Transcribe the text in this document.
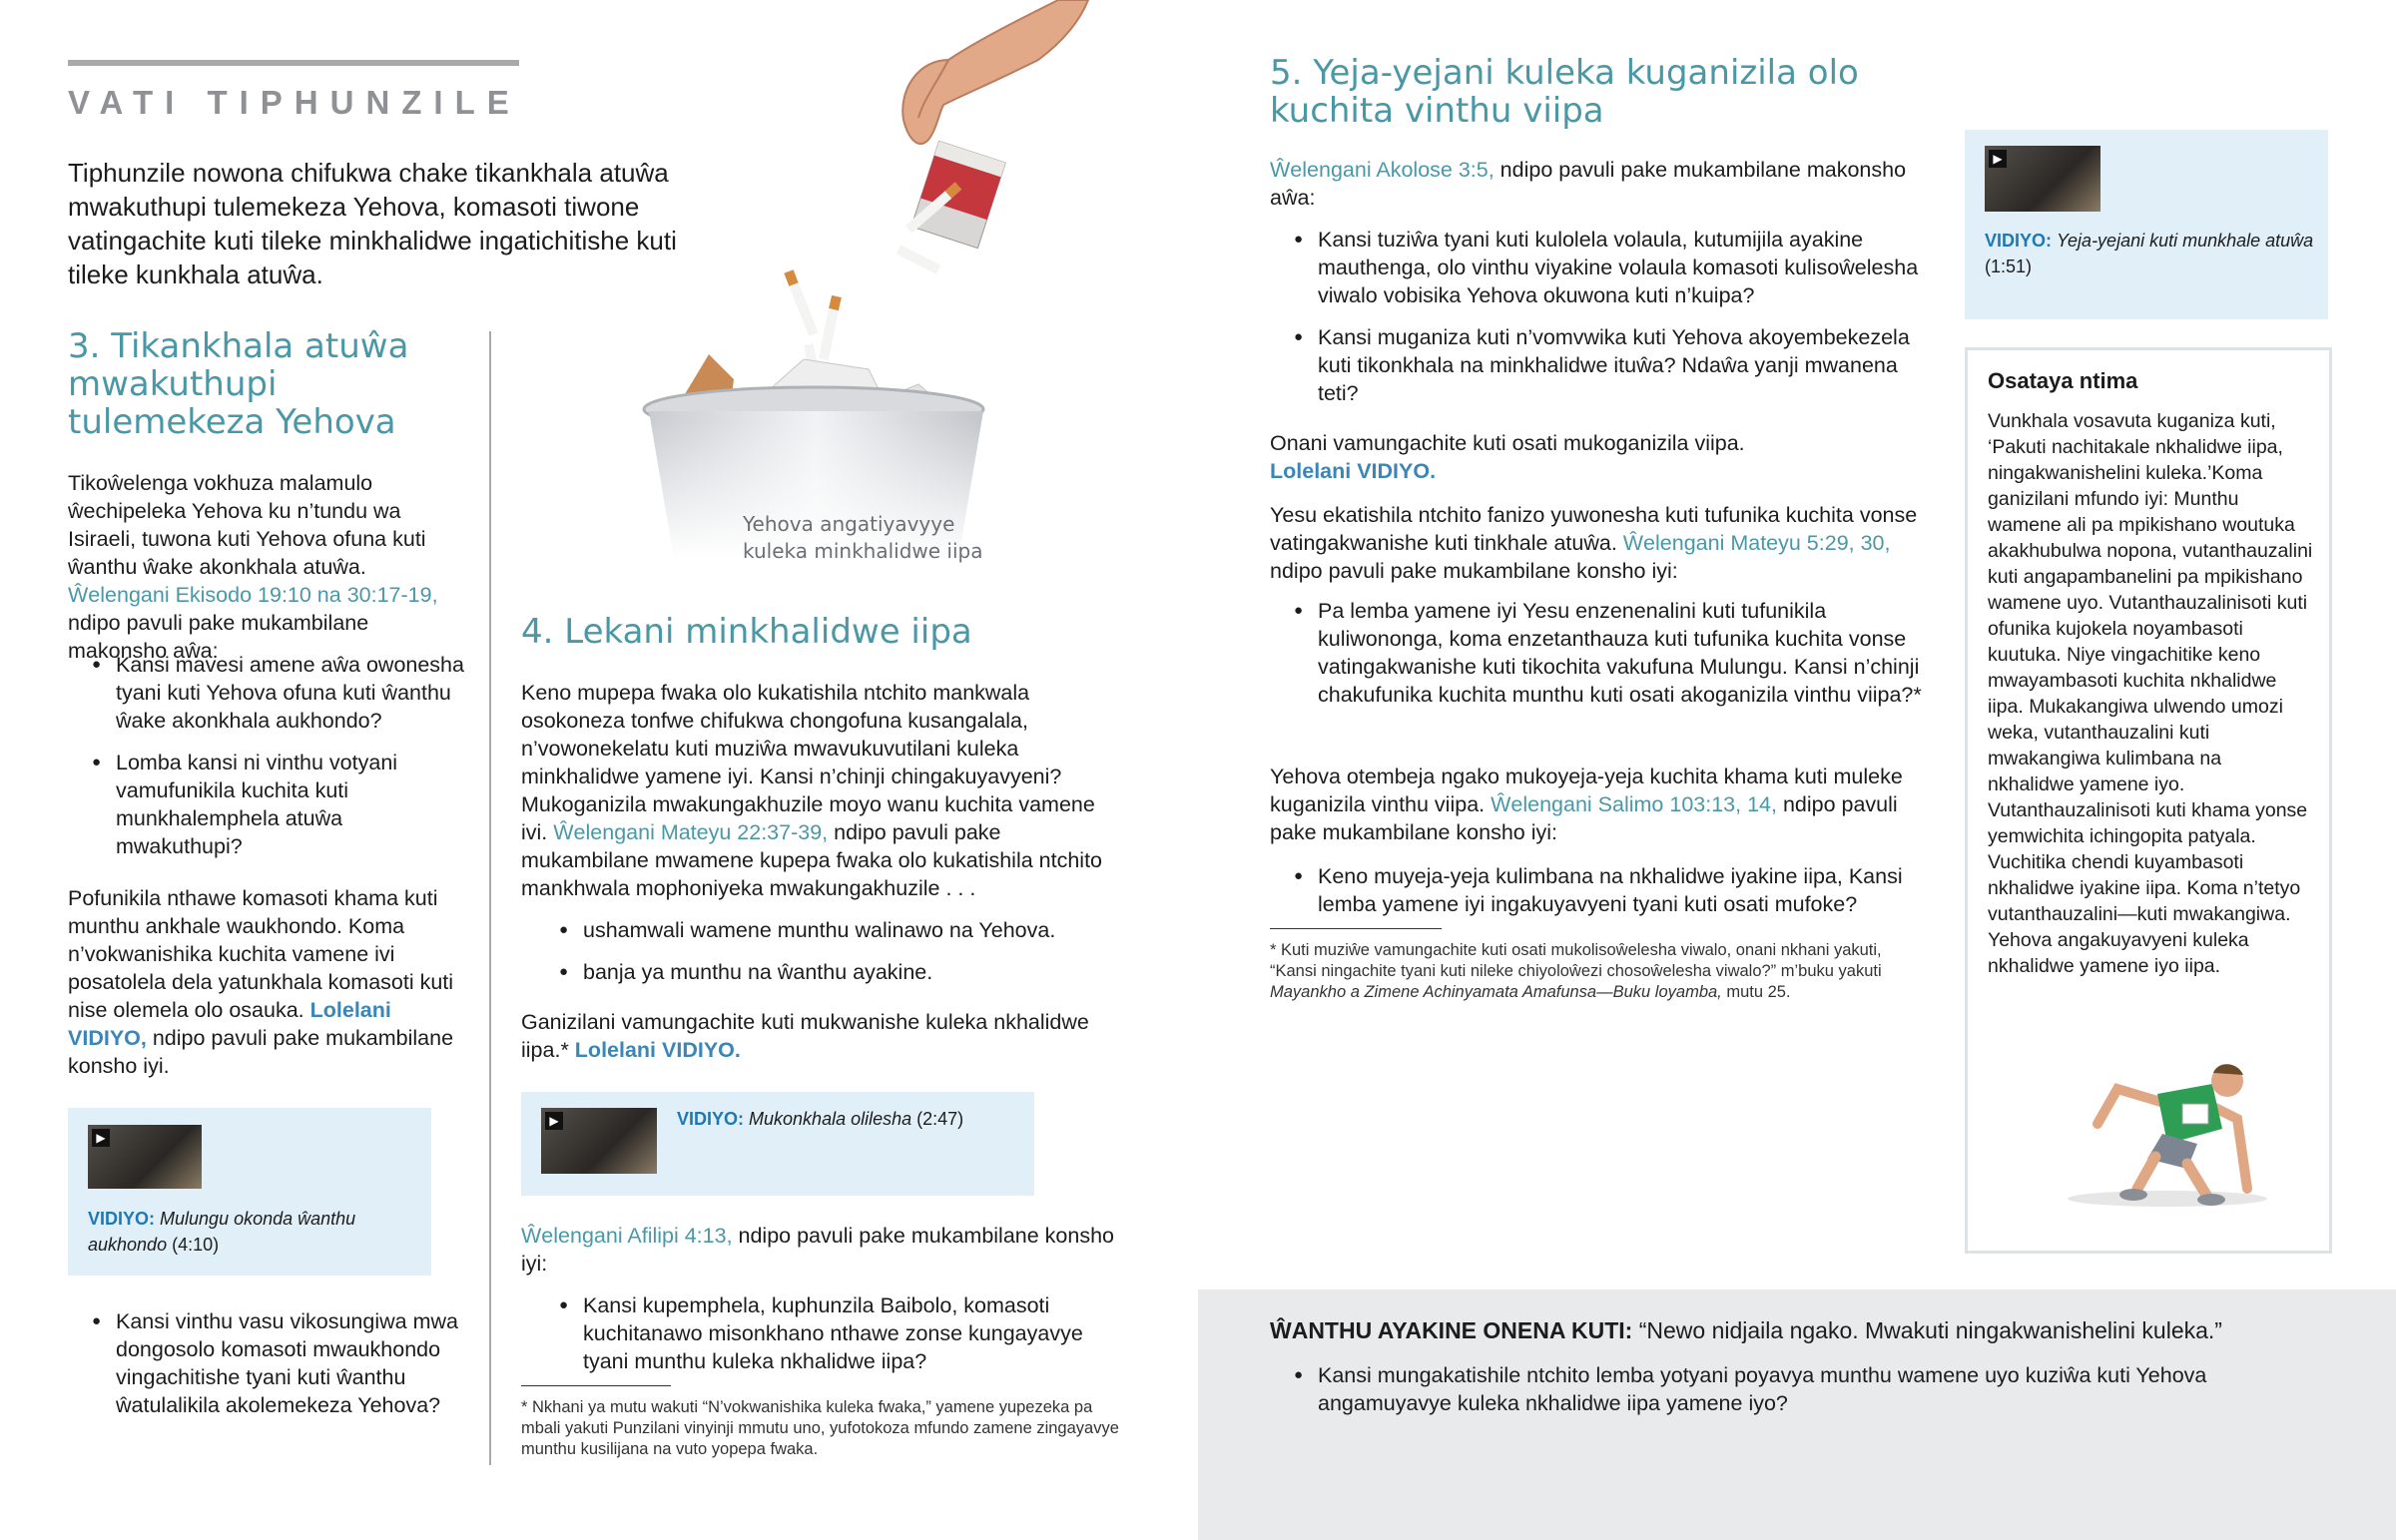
VATI TIPHUNZILE
Tiphunzile nowona chifukwa chake tikankhala atuŵa mwakuthupi tulemekeza Yehova, komasoti tiwone vatingachite kuti tileke minkhalidwe ingatichitishe kuti tileke kunkhala atuŵa.
3. Tikankhala atuŵa mwakuthupi tulemekeza Yehova
Tikoŵelenga vokhuza malamulo ŵechipeleka Yehova ku n’tundu wa Isiraeli, tuwona kuti Yehova ofuna kuti ŵanthu ŵake akonkhala atuŵa. Ŵelengani Ekisodo 19:10 na 30:17-19, ndipo pavuli pake mukambilane makonsho aŵa:
● Kansi mavesi amene aŵa owonesha tyani kuti Yehova ofuna kuti ŵanthu ŵake akonkhala aukhondo?
● Lomba kansi ni vinthu votyani vamufunikila kuchita kuti munkhalemphela atuŵa mwakuthupi?
Pofunikila nthawe komasoti khama kuti munthu ankhale waukhondo. Koma n’vokwanishika kuchita vamene ivi posatolela dela yatunkhala komasoti kuti nise olemela olo osauka. Lolelani VIDIYO, ndipo pavuli pake mukambilane konsho iyi.
▶
VIDIYO: Mulungu okonda ŵanthu aukhondo (4:10)
● Kansi vinthu vasu vikosungiwa mwa dongosolo komasoti mwaukhondo vingachitishe tyani kuti ŵanthu ŵatulalikila akolemekeza Yehova?
Yehova angatiyavyye kuleka minkhalidwe iipa
4. Lekani minkhalidwe iipa
Keno mupepa fwaka olo kukatishila ntchito mankwala osokoneza tonfwe chifukwa chongofuna kusangalala, n’vowonekelatu kuti muziŵa mwavukuvutilani kuleka minkhalidwe yamene iyi. Kansi n’chinji chingakuyavyeni? Mukoganizila mwakungakhuzile moyo wanu kuchita vamene ivi. Ŵelengani Mateyu 22:37-39, ndipo pavuli pake mukambilane mwamene kupepa fwaka olo kukatishila ntchito mankhwala mophoniyeka mwakungakhuzile . . .
● ushamwali wamene munthu walinawo na Yehova.
● banja ya munthu na ŵanthu ayakine.
Ganizilani vamungachite kuti mukwanishe kuleka nkhalidwe iipa.* Lolelani VIDIYO.
▶	VIDIYO: Mukonkhala olilesha (2:47)
Ŵelengani Afilipi 4:13, ndipo pavuli pake mukambilane konsho iyi:
● Kansi kupemphela, kuphunzila Baibolo, komasoti kuchitanawo misonkhano nthawe zonse kungayavye tyani munthu kuleka nkhalidwe iipa?
* Nkhani ya mutu wakuti “N’vokwanishika kuleka fwaka,” yamene yupezeka pa mbali yakuti Punzilani vinyinji mmutu uno, yufotokoza mfundo zamene zingayavye munthu kusilijana na vuto yopepa fwaka.
5. Yeja-yejani kuleka kuganizila olo kuchita vinthu viipa
Ŵelengani Akolose 3:5, ndipo pavuli pake mukambilane makonsho aŵa:
● Kansi tuziŵa tyani kuti kulolela volaula, kutumijila ayakine mauthenga, olo vinthu viyakine volaula komasoti kulisoŵelesha viwalo vobisika Yehova okuwona kuti n’kuipa?
● Kansi muganiza kuti n’vomvwika kuti Yehova akoyembekezela kuti tikonkhala na minkhalidwe ituŵa? Ndaŵa yanji mwanena teti?
Onani vamungachite kuti osati mukoganizila viipa.
Lolelani VIDIYO.
Yesu ekatishila ntchito fanizo yuwonesha kuti tufunika kuchita vonse vatingakwanishe kuti tinkhale atuŵa. Ŵelengani Mateyu 5:29, 30, ndipo pavuli pake mukambilane konsho iyi:
● Pa lemba yamene iyi Yesu enzenenalini kuti tufunikila kuliwononga, koma enzetanthauza kuti tufunika kuchita vonse vatingakwanishe kuti tikochita vakufuna Mulungu. Kansi n’chinji chakufunika kuchita munthu kuti osati akoganizila vinthu viipa?*
Yehova otembeja ngako mukoyeja-yeja kuchita khama kuti muleke kuganizila vinthu viipa. Ŵelengani Salimo 103:13, 14, ndipo pavuli pake mukambilane konsho iyi:
● Keno muyeja-yeja kulimbana na nkhalidwe iyakine iipa, Kansi lemba yamene iyi ingakuyavyeni tyani kuti osati mufoke?
* Kuti muziŵe vamungachite kuti osati mukolisoŵelesha viwalo, onani nkhani yakuti, “Kansi ningachite tyani kuti nileke chiyoloŵezi chosoŵelesha viwalo?” m’buku yakuti Mayankho a Zimene Achinyamata Amafunsa—Buku loyamba, mutu 25.
▶
VIDIYO: Yeja-yejani kuti munkhale atuŵa (1:51)
Osataya ntima
Vunkhala vosavuta kuganiza kuti, ‘Pakuti nachitakale nkhalidwe iipa, ningakwanishelini kuleka.’Koma ganizilani mfundo iyi: Munthu wamene ali pa mpikishano woutuka akakhubulwa nopona, vutanthauzalini kuti angapambanelini pa mpikishano wamene uyo. Vutanthauzalinisoti kuti ofunika kujokela noyambasoti kuutuka. Niye vingachitike keno mwayambasoti kuchita nkhalidwe iipa. Mukakangiwa ulwendo umozi weka, vutanthauzalini kuti mwakangiwa kulimbana na nkhalidwe yamene iyo. Vutanthauzalinisoti kuti khama yonse yemwichita ichingopita patyala. Vuchitika chendi kuyambasoti nkhalidwe iyakine iipa. Koma n’tetyo vutanthauzalini—kuti mwakangiwa. Yehova angakuyavyeni kuleka nkhalidwe yamene iyo iipa.
ŴANTHU AYAKINE ONENA KUTI: “Newo nidjaila ngako. Mwakuti ningakwanishelini kuleka.”
● Kansi mungakatishile ntchito lemba yotyani poyavya munthu wamene uyo kuziŵa kuti Yehova angamuyavye kuleka nkhalidwe iipa yamene iyo?
